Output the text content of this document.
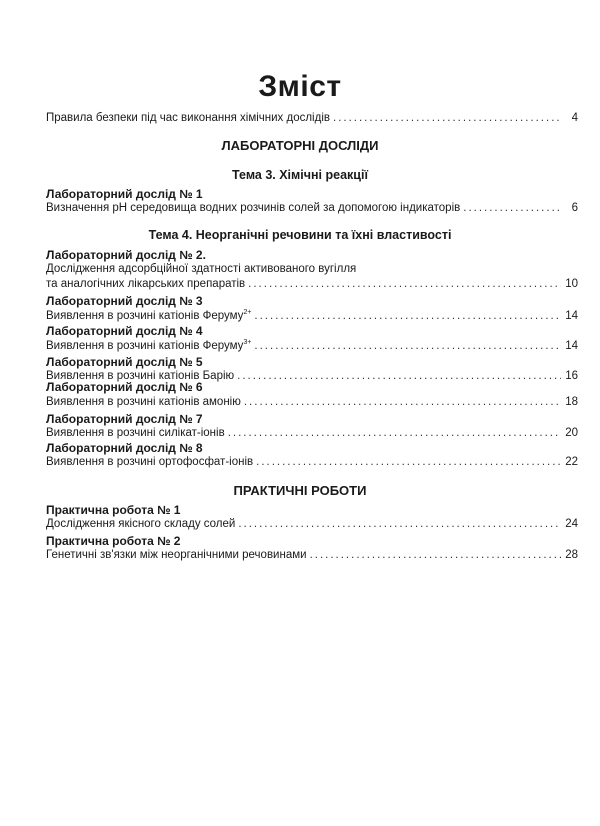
Зміст
Правила безпеки під час виконання хімічних дослідів .....	4
ЛАБОРАТОРНІ ДОСЛІДИ
Тема 3. Хімічні реакції
Лабораторний дослід № 1
Визначення рН середовища водних розчинів солей за допомогою індикаторів .....	6
Тема 4. Неорганічні речовини та їхні властивості
Лабораторний дослід № 2.
Дослідження адсорбційної здатності активованого вугілля
та аналогічних лікарських препаратів .....	10
Лабораторний дослід № 3
Виявлення в розчині катіонів Феруму$^{2+}$ .....	14
Лабораторний дослід № 4
Виявлення в розчині катіонів Феруму$^{3+}$ .....	14
Лабораторний дослід № 5
Виявлення в розчині катіонів Барію .....	16
Лабораторний дослід № 6
Виявлення в розчині катіонів амонію .....	18
Лабораторний дослід № 7
Виявлення в розчині силікат-іонів .....	20
Лабораторний дослід № 8
Виявлення в розчині ортофосфат-іонів .....	22
ПРАКТИЧНІ РОБОТИ
Практична робота № 1
Дослідження якісного складу солей .....	24
Практична робота № 2
Генетичні зв'язки між неорганічними речовинами .....	28
